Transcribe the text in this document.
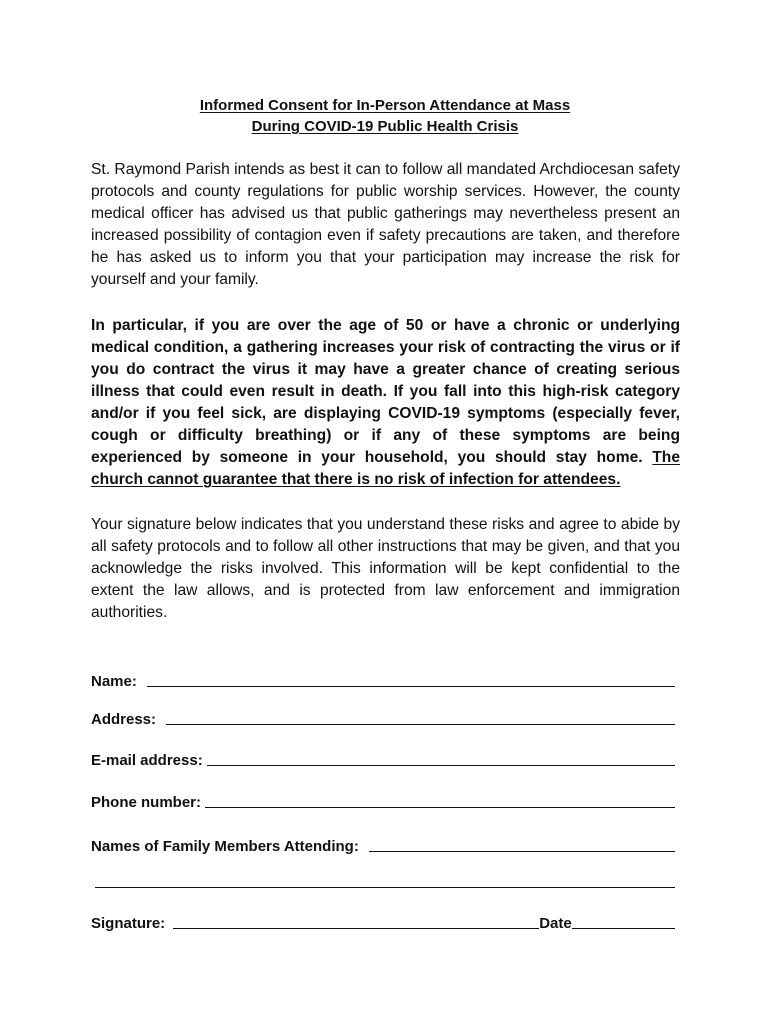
Informed Consent for In-Person Attendance at Mass
During COVID-19 Public Health Crisis

St. Raymond Parish intends as best it can to follow all mandated Archdiocesan safety protocols and county regulations for public worship services. However, the county medical officer has advised us that public gatherings may nevertheless present an increased possibility of contagion even if safety precautions are taken, and therefore he has asked us to inform you that your participation may increase the risk for yourself and your family.

In particular, if you are over the age of 50 or have a chronic or underlying medical condition, a gathering increases your risk of contracting the virus or if you do contract the virus it may have a greater chance of creating serious illness that could even result in death. If you fall into this high-risk category and/or if you feel sick, are displaying COVID-19 symptoms (especially fever, cough or difficulty breathing) or if any of these symptoms are being experienced by someone in your household, you should stay home. The church cannot guarantee that there is no risk of infection for attendees.

Your signature below indicates that you understand these risks and agree to abide by all safety protocols and to follow all other instructions that may be given, and that you acknowledge the risks involved. This information will be kept confidential to the extent the law allows, and is protected from law enforcement and immigration authorities.

Name:
Address:
E-mail address:
Phone number:
Names of Family Members Attending:
Signature:	Date
